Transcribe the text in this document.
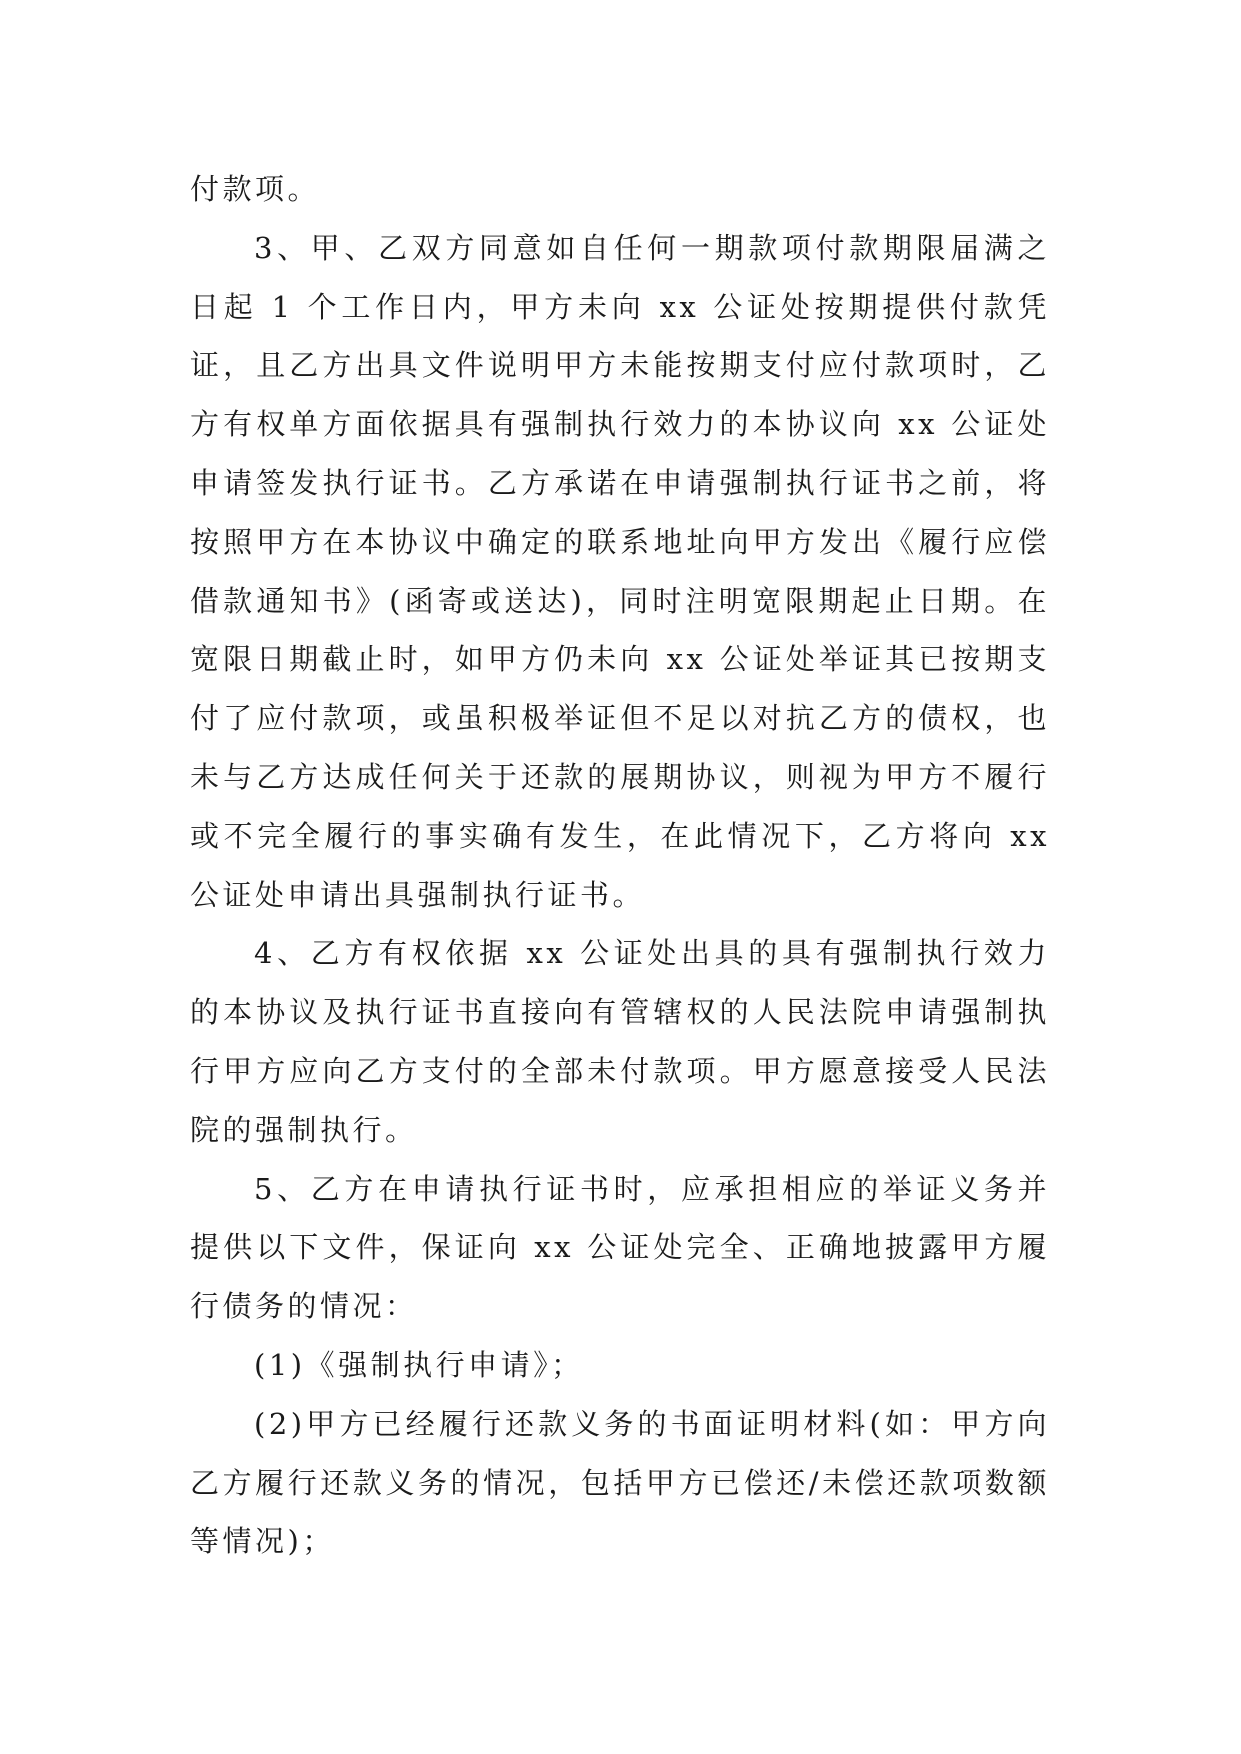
付款项。

3、甲、乙双方同意如自任何一期款项付款期限届满之日起 1 个工作日内，甲方未向 xx 公证处按期提供付款凭证，且乙方出具文件说明甲方未能按期支付应付款项时，乙方有权单方面依据具有强制执行效力的本协议向 xx 公证处申请签发执行证书。乙方承诺在申请强制执行证书之前，将按照甲方在本协议中确定的联系地址向甲方发出《履行应偿借款通知书》(函寄或送达)，同时注明宽限期起止日期。在宽限日期截止时，如甲方仍未向 xx 公证处举证其已按期支付了应付款项，或虽积极举证但不足以对抗乙方的债权，也未与乙方达成任何关于还款的展期协议，则视为甲方不履行或不完全履行的事实确有发生，在此情况下，乙方将向 xx 公证处申请出具强制执行证书。

4、乙方有权依据 xx 公证处出具的具有强制执行效力的本协议及执行证书直接向有管辖权的人民法院申请强制执行甲方应向乙方支付的全部未付款项。甲方愿意接受人民法院的强制执行。

5、乙方在申请执行证书时，应承担相应的举证义务并提供以下文件，保证向 xx 公证处完全、正确地披露甲方履行债务的情况：

(1)《强制执行申请》；

(2)甲方已经履行还款义务的书面证明材料(如：甲方向乙方履行还款义务的情况，包括甲方已偿还/未偿还款项数额等情况)；
